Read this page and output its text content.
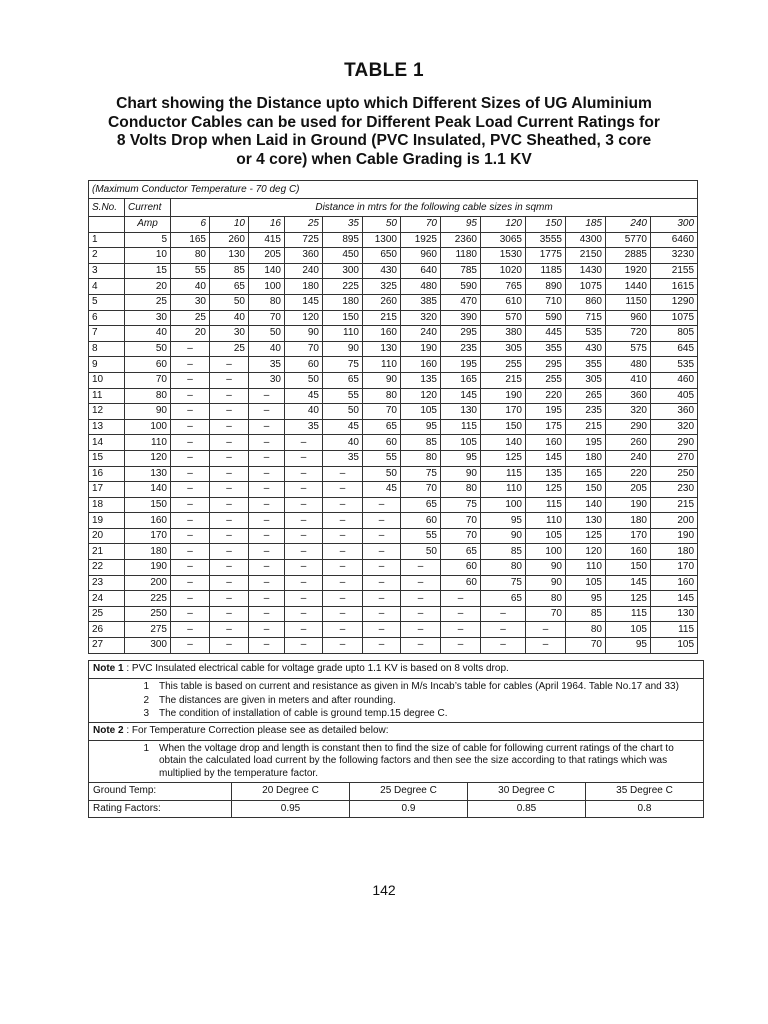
TABLE 1
Chart showing the Distance upto which Different Sizes of UG Aluminium
Conductor Cables can be used for Different Peak Load Current Ratings for
8 Volts Drop when Laid in Ground (PVC Insulated, PVC Sheathed, 3 core
or 4 core) when Cable Grading is 1.1 KV
(Maximum Conductor Temperature - 70 deg C)														
S.No.	Current	Distance in mtrs for the following cable sizes in sqmm												
	Amp	6	10	16	25	35	50	70	95	120	150	185	240	300
1	5	165	260	415	725	895	1300	1925	2360	3065	3555	4300	5770	6460
2	10	80	130	205	360	450	650	960	1180	1530	1775	2150	2885	3230
3	15	55	85	140	240	300	430	640	785	1020	1185	1430	1920	2155
4	20	40	65	100	180	225	325	480	590	765	890	1075	1440	1615
5	25	30	50	80	145	180	260	385	470	610	710	860	1150	1290
6	30	25	40	70	120	150	215	320	390	570	590	715	960	1075
7	40	20	30	50	90	110	160	240	295	380	445	535	720	805
8	50	–	25	40	70	90	130	190	235	305	355	430	575	645
9	60	–	–	35	60	75	110	160	195	255	295	355	480	535
10	70	–	–	30	50	65	90	135	165	215	255	305	410	460
11	80	–	–	–	45	55	80	120	145	190	220	265	360	405
12	90	–	–	–	40	50	70	105	130	170	195	235	320	360
13	100	–	–	–	35	45	65	95	115	150	175	215	290	320
14	110	–	–	–	–	40	60	85	105	140	160	195	260	290
15	120	–	–	–	–	35	55	80	95	125	145	180	240	270
16	130	–	–	–	–	–	50	75	90	115	135	165	220	250
17	140	–	–	–	–	–	45	70	80	110	125	150	205	230
18	150	–	–	–	–	–	–	65	75	100	115	140	190	215
19	160	–	–	–	–	–	–	60	70	95	110	130	180	200
20	170	–	–	–	–	–	–	55	70	90	105	125	170	190
21	180	–	–	–	–	–	–	50	65	85	100	120	160	180
22	190	–	–	–	–	–	–	–	60	80	90	110	150	170
23	200	–	–	–	–	–	–	–	60	75	90	105	145	160
24	225	–	–	–	–	–	–	–	–	65	80	95	125	145
25	250	–	–	–	–	–	–	–	–	–	70	85	115	130
26	275	–	–	–	–	–	–	–	–	–	–	80	105	115
27	300	–	–	–	–	–	–	–	–	–	–	70	95	105
Note 1 : PVC Insulated electrical cable for voltage grade upto 1.1 KV is based on 8 volts drop.

1	This table is based on current and resistance as given in M/s Incab’s table for cables (April 1964. Table No.17 and 33)
2	The distances are given in meters and after rounding.
3	The condition of installation of cable is ground temp.15 degree C.

Note 2 : For Temperature Correction please see as detailed below:

1	When the voltage drop and length is constant then to find the size of cable for following current ratings of the chart to obtain the calculated load current by the following factors and then see the size according to that ratings which was multiplied by the temperature factor.

Ground Temp:	20 Degree C	25 Degree C	30 Degree C	35 Degree C
Rating Factors:	0.95	0.9	0.85	0.8
142
